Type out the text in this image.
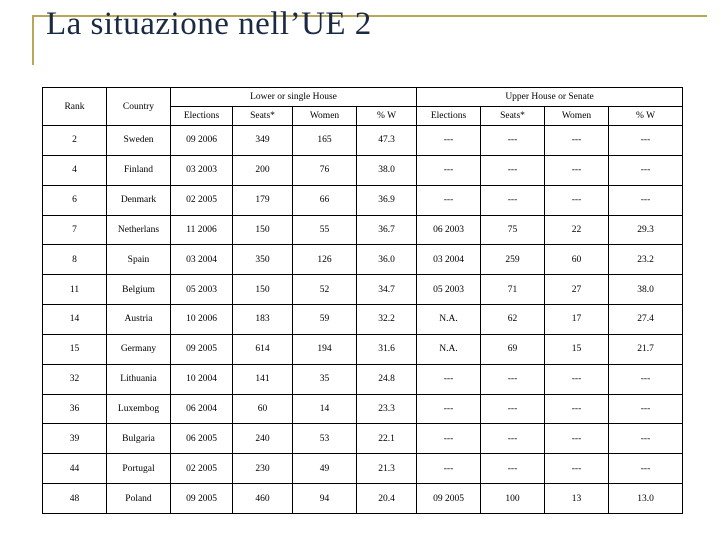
La situazione nell’UE 2
Rank	Country	Lower or single House				Upper House or Senate			
		Elections	Seats*	Women	% W	Elections	Seats*	Women	% W
2	Sweden	09 2006	349	165	47.3	---	---	---	---
4	Finland	03 2003	200	76	38.0	---	---	---	---
6	Denmark	02 2005	179	66	36.9	---	---	---	---
7	Netherlans	11 2006	150	55	36.7	06 2003	75	22	29.3
8	Spain	03 2004	350	126	36.0	03 2004	259	60	23.2
11	Belgium	05 2003	150	52	34.7	05 2003	71	27	38.0
14	Austria	10 2006	183	59	32.2	N.A.	62	17	27.4
15	Germany	09 2005	614	194	31.6	N.A.	69	15	21.7
32	Lithuania	10 2004	141	35	24.8	---	---	---	---
36	Luxembog	06 2004	60	14	23.3	---	---	---	---
39	Bulgaria	06 2005	240	53	22.1	---	---	---	---
44	Portugal	02 2005	230	49	21.3	---	---	---	---
48	Poland	09 2005	460	94	20.4	09 2005	100	13	13.0
